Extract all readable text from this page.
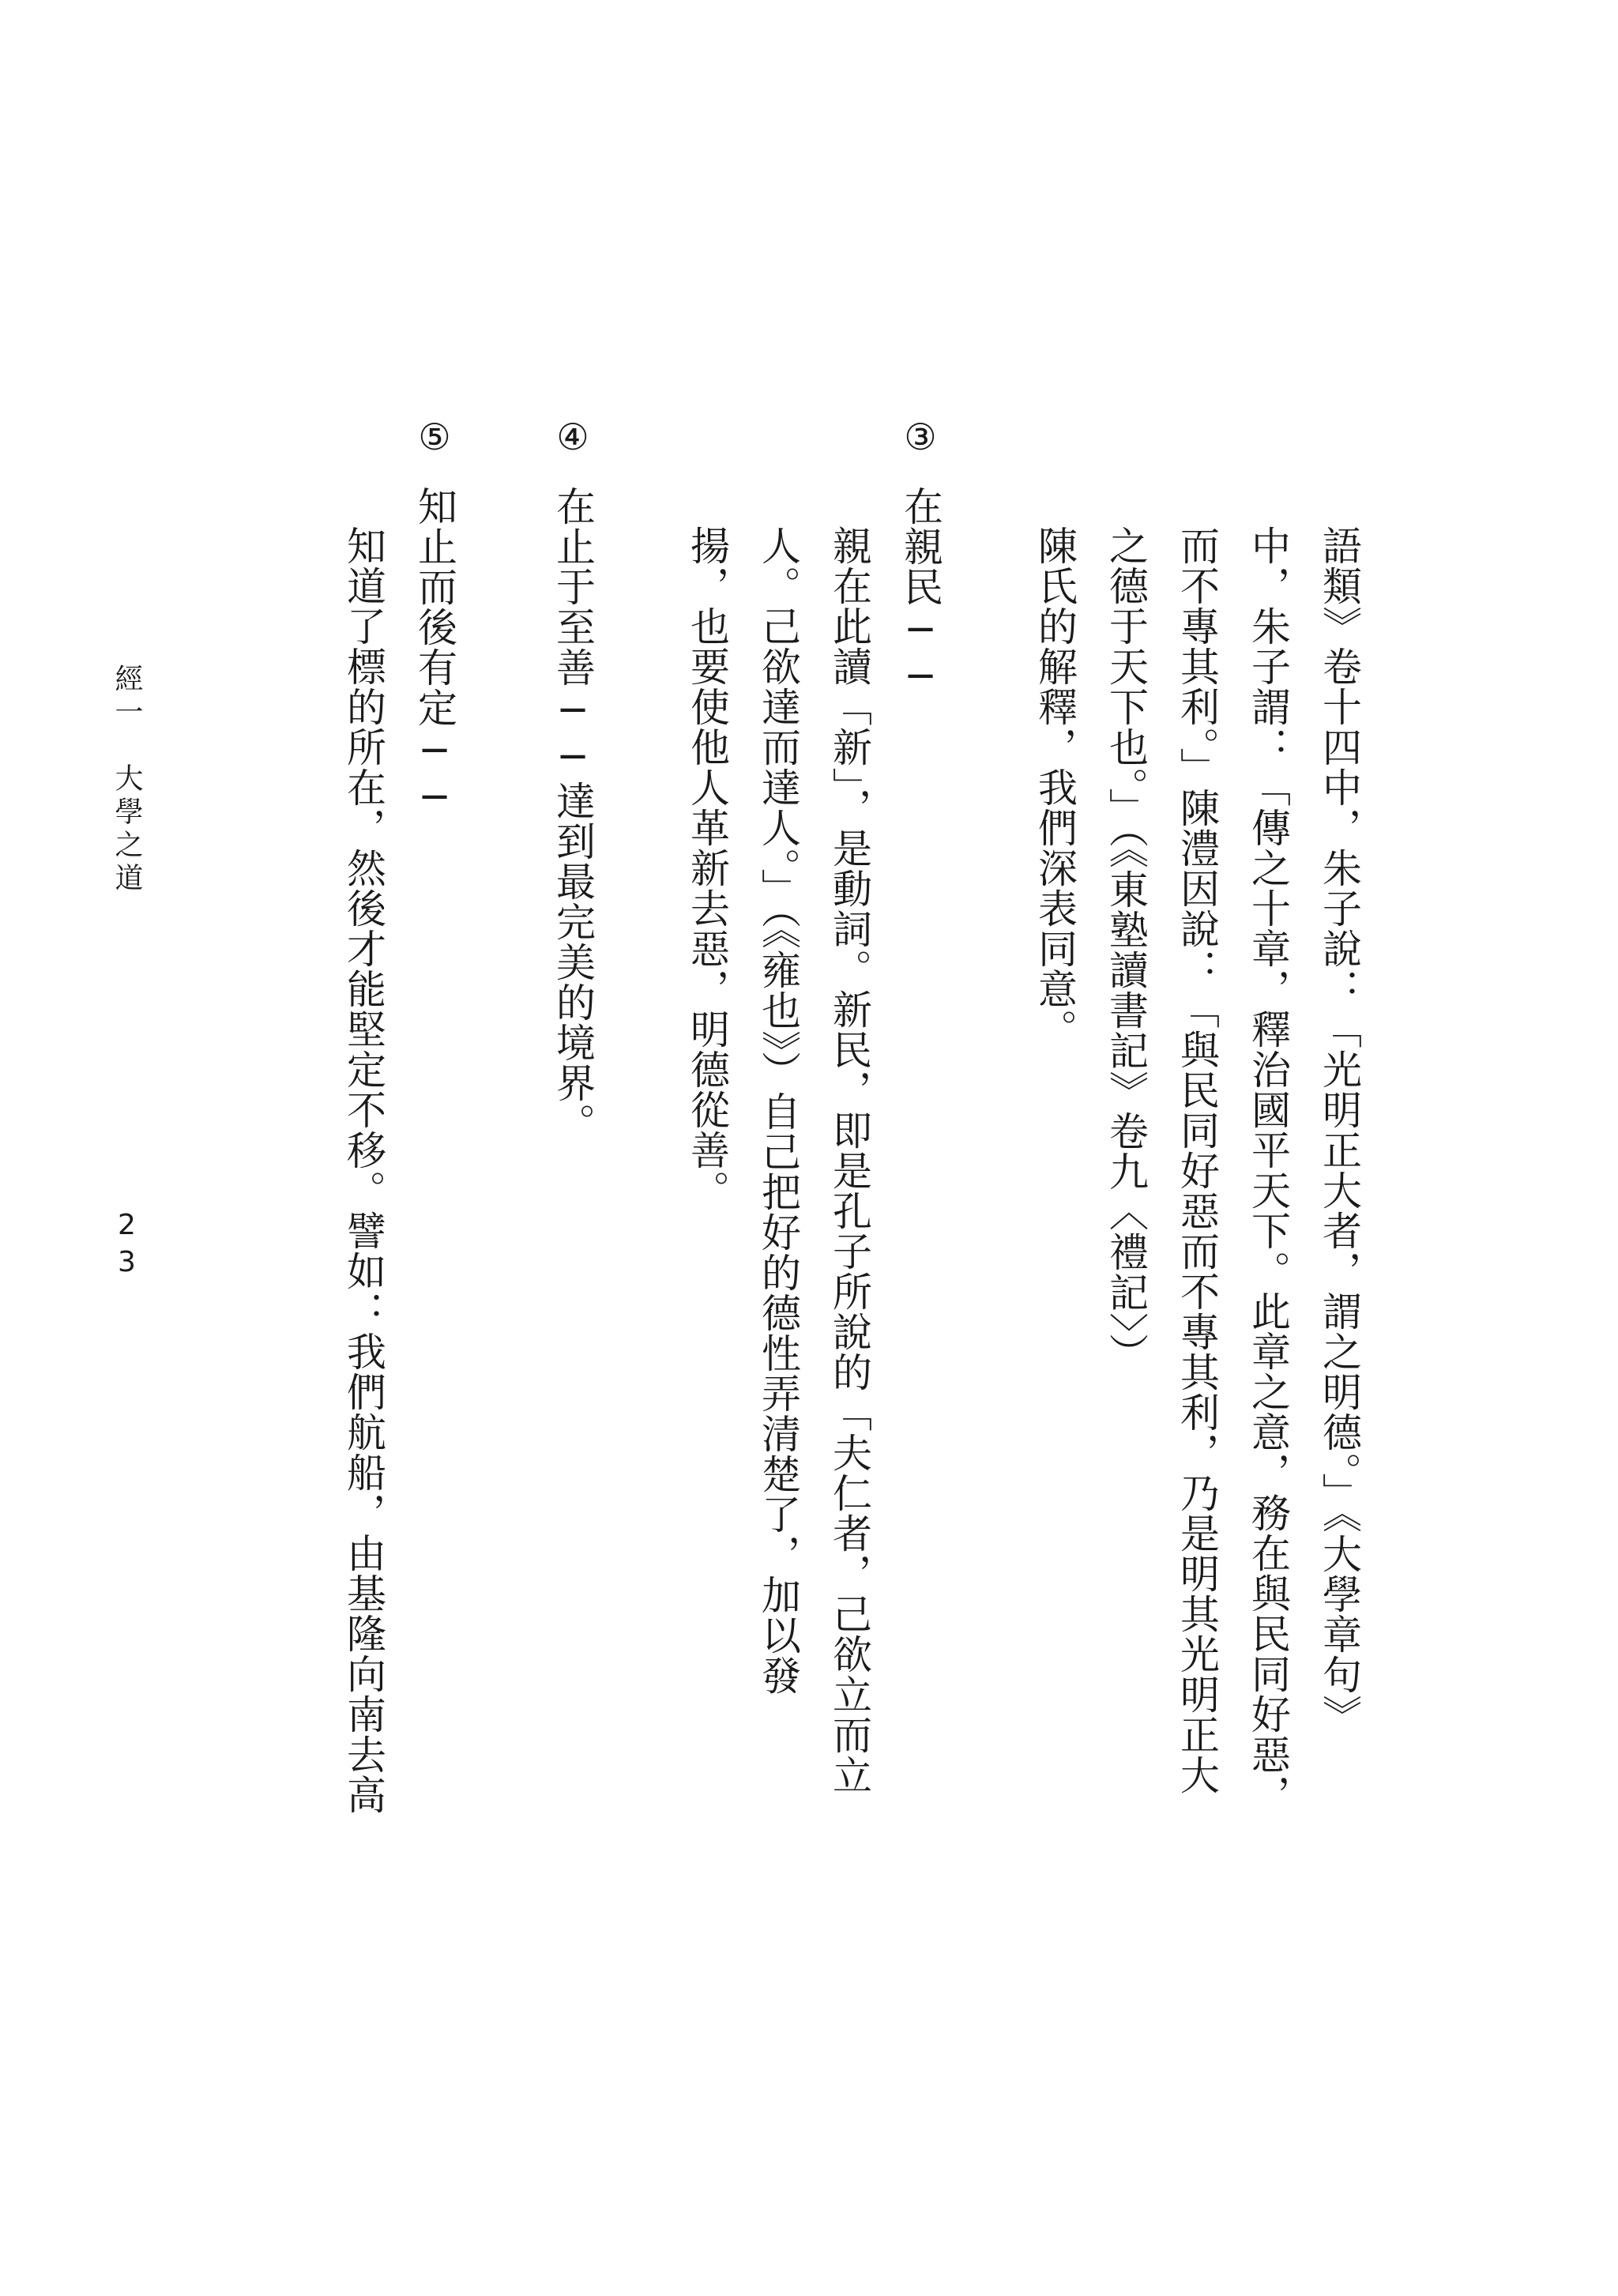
語類》卷十四中，朱子說：「光明正大者，謂之明德。」《大學章句》
中，朱子謂：「傳之十章，釋治國平天下。此章之意，務在與民同好惡，
而不專其利。」陳澧因說：「與民同好惡而不專其利，乃是明其光明正大
之德于天下也。」（《東塾讀書記》卷九〈禮記〉）
陳氏的解釋，我們深表同意。
③
在親民──
親在此讀「新」，是動詞。新民，即是孔子所說的「夫仁者，己欲立而立
人。己欲達而達人。」（《雍也》）自己把好的德性弄清楚了，加以發
揚，也要使他人革新去惡，明德從善。
④
在止于至善──達到最完美的境界。
⑤
知止而後有定──
知道了標的所在，然後才能堅定不移。譬如：我們航船，由基隆向南去高
經一　大學之道
23
